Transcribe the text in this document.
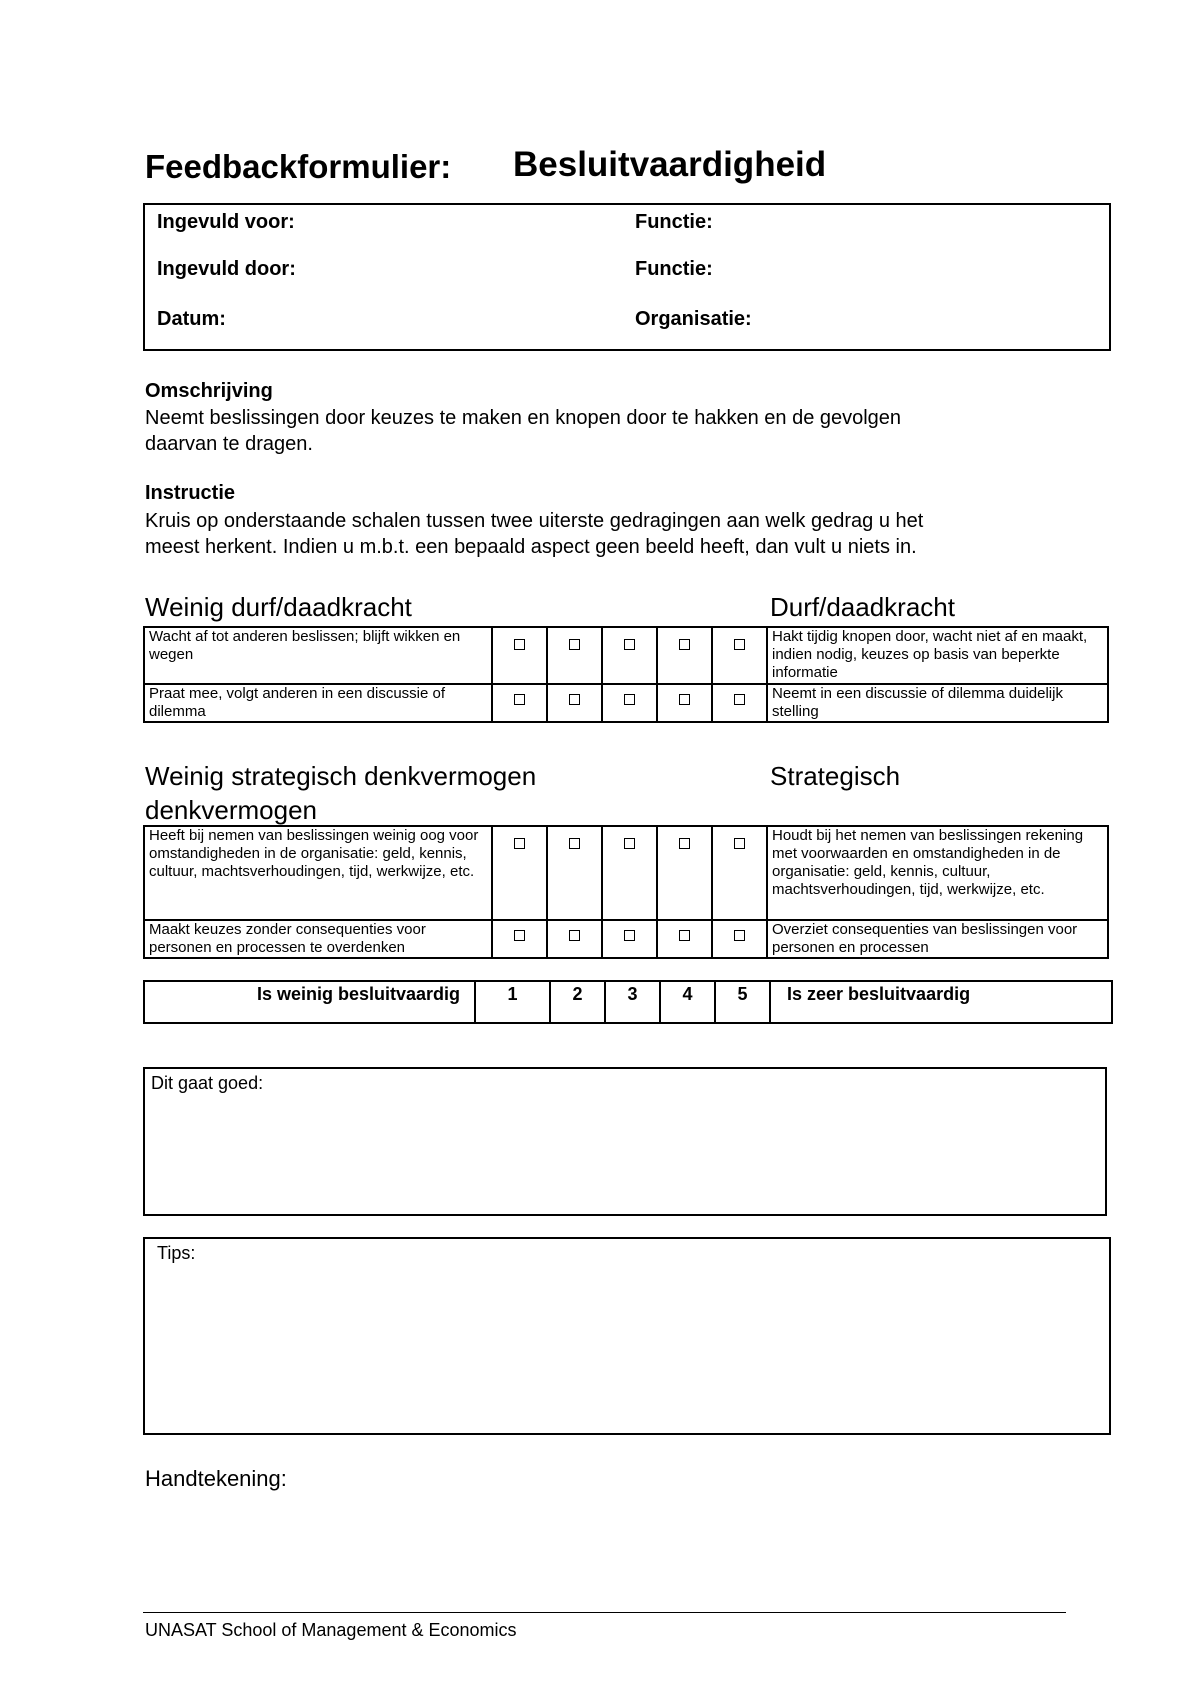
Feedbackformulier: Besluitvaardigheid
Ingevuld voor:	Functie:
Ingevuld door:	Functie:
Datum:	Organisatie:
Omschrijving
Neemt beslissingen door keuzes te maken en knopen door te hakken en de gevolgen
daarvan te dragen.
Instructie
Kruis op onderstaande schalen tussen twee uiterste gedragingen aan welk gedrag u het
meest herkent. Indien u m.b.t. een bepaald aspect geen beeld heeft, dan vult u niets in.
Weinig durf/daadkracht	Durf/daadkracht
Wacht af tot anderen beslissen; blijft wikken en wegen						Hakt tijdig knopen door, wacht niet af en maakt, indien nodig, keuzes op basis van beperkte informatie
Praat mee, volgt anderen in een discussie of dilemma						Neemt in een discussie of dilemma duidelijk stelling
Weinig strategisch denkvermogen	Strategisch
denkvermogen
Heeft bij nemen van beslissingen weinig oog voor omstandigheden in de organisatie: geld, kennis, cultuur, machtsverhoudingen, tijd, werkwijze, etc.						Houdt bij het nemen van beslissingen rekening met voorwaarden en omstandigheden in de organisatie: geld, kennis, cultuur, machtsverhoudingen, tijd, werkwijze, etc.
Maakt keuzes zonder consequenties voor personen en processen te overdenken						Overziet consequenties van beslissingen voor personen en processen
Is weinig besluitvaardig	1	2	3	4	5	Is zeer besluitvaardig
Dit gaat goed:
Tips:
Handtekening:
UNASAT School of Management & Economics
